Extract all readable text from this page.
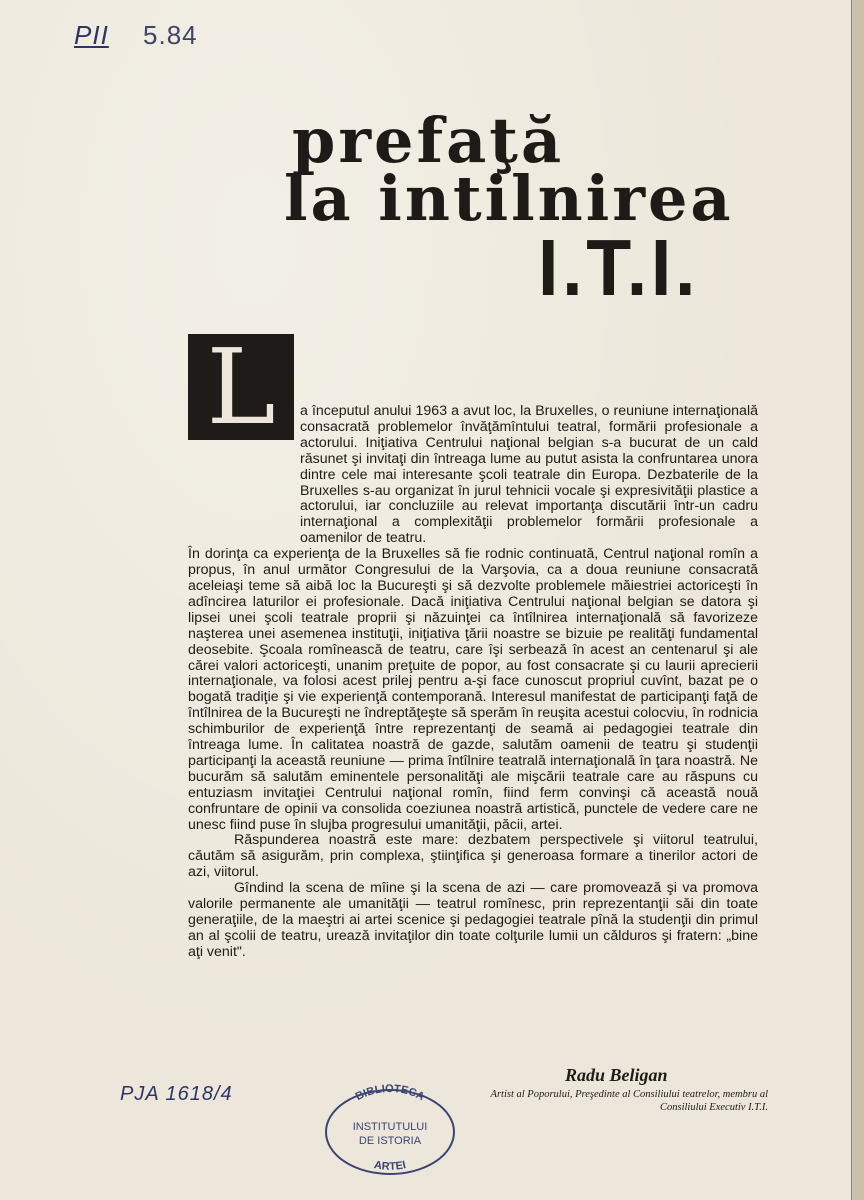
PII 5.84
prefaţă
la intilnirea
I.T.I.
L	a începutul anului 1963 a avut loc, la Bruxelles, o reuniune internaţională consacrată problemelor învăţămîntului teatral, formării profesionale a actorului. Iniţiativa Centrului naţional belgian s-a bucurat de un cald răsunet şi invitaţi din întreaga lume au putut asista la confruntarea unora dintre cele mai interesante şcoli teatrale din Europa. Dezbaterile de la Bruxelles s-au organizat în jurul tehnicii vocale şi expresivităţii plastice a actorului, iar concluziile au relevat importanţa discutării într-un cadru internaţional a complexităţii problemelor formării profesionale a oamenilor de teatru.

În dorinţa ca experienţa de la Bruxelles să fie rodnic continuată, Centrul naţional romîn a propus, în anul următor Congresului de la Varşovia, ca a doua reuniune consacrată aceleiaşi teme să aibă loc la Bucureşti şi să dezvolte problemele măiestriei actoriceşti în adîncirea laturilor ei profesionale. Dacă iniţiativa Centrului naţional belgian se datora şi lipsei unei şcoli teatrale proprii şi năzuinţei ca întîlnirea internaţională să favorizeze naşterea unei asemenea instituţii, iniţiativa ţării noastre se bizuie pe realităţi fundamental deosebite. Şcoala romînească de teatru, care îşi serbează în acest an centenarul şi ale cărei valori actoriceşti, unanim preţuite de popor, au fost consacrate şi cu laurii aprecierii internaţionale, va folosi acest prilej pentru a-şi face cunoscut propriul cuvînt, bazat pe o bogată tradiţie şi vie experienţă contemporană. Interesul manifestat de participanţi faţă de întîlnirea de la Bucureşti ne îndreptăţeşte să sperăm în reuşita acestui colocviu, în rodnicia schimburilor de experienţă între reprezentanţi de seamă ai pedagogiei teatrale din întreaga lume. În calitatea noastră de gazde, salutăm oamenii de teatru şi studenţii participanţi la această reuniune — prima întîlnire teatrală internaţională în ţara noastră. Ne bucurăm să salutăm eminentele personalităţi ale mişcării teatrale care au răspuns cu entuziasm invitaţiei Centrului naţional romîn, fiind ferm convinşi că această nouă confruntare de opinii va consolida coeziunea noastră artistică, punctele de vedere care ne unesc fiind puse în slujba progresului umanităţii, păcii, artei.

Răspunderea noastră este mare: dezbatem perspectivele şi viitorul teatrului, căutăm să asigurăm, prin complexa, ştiinţifica şi generoasa formare a tinerilor actori de azi, viitorul.

Gîndind la scena de mîine şi la scena de azi — care promovează şi va promova valorile permanente ale umanităţii — teatrul romînesc, prin reprezentanţii săi din toate generaţiile, de la maeştri ai artei scenice şi pedagogiei teatrale pînă la studenţii din primul an al şcolii de teatru, urează invitaţilor din toate colţurile lumii un călduros şi fratern: „bine aţi venit".

Radu Beligan
Artist al Poporului, Preşedinte al Consiliului teatrelor, membru al Consiliului Executiv I.T.I.
PJA 1618/4	BIBLIOTECA
INSTITUTULUI
DE ISTORIA
ARTEI
